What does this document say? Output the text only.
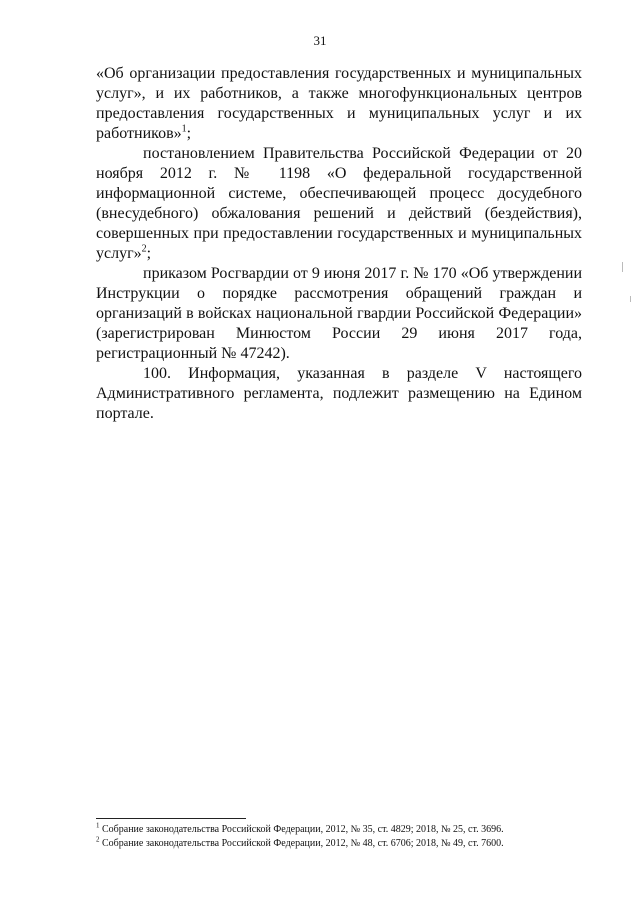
31

«Об организации предоставления государственных и муниципальных услуг», и их работников, а также многофункциональных центров предоставления государственных и муниципальных услуг и их работников»$^1$;

постановлением Правительства Российской Федерации от 20 ноября 2012 г. № 1198 «О федеральной государственной информационной системе, обеспечивающей процесс досудебного (внесудебного) обжалования решений и действий (бездействия), совершенных при предоставлении государственных и муниципальных услуг»$^2$;

приказом Росгвардии от 9 июня 2017 г. № 170 «Об утверждении Инструкции о порядке рассмотрения обращений граждан и организаций в войсках национальной гвардии Российской Федерации» (зарегистрирован Минюстом России 29 июня 2017 года, регистрационный № 47242).

100. Информация, указанная в разделе V настоящего Административного регламента, подлежит размещению на Едином портале.

$^1$ Собрание законодательства Российской Федерации, 2012, № 35, ст. 4829; 2018, № 25, ст. 3696.

$^2$ Собрание законодательства Российской Федерации, 2012, № 48, ст. 6706; 2018, № 49, ст. 7600.
